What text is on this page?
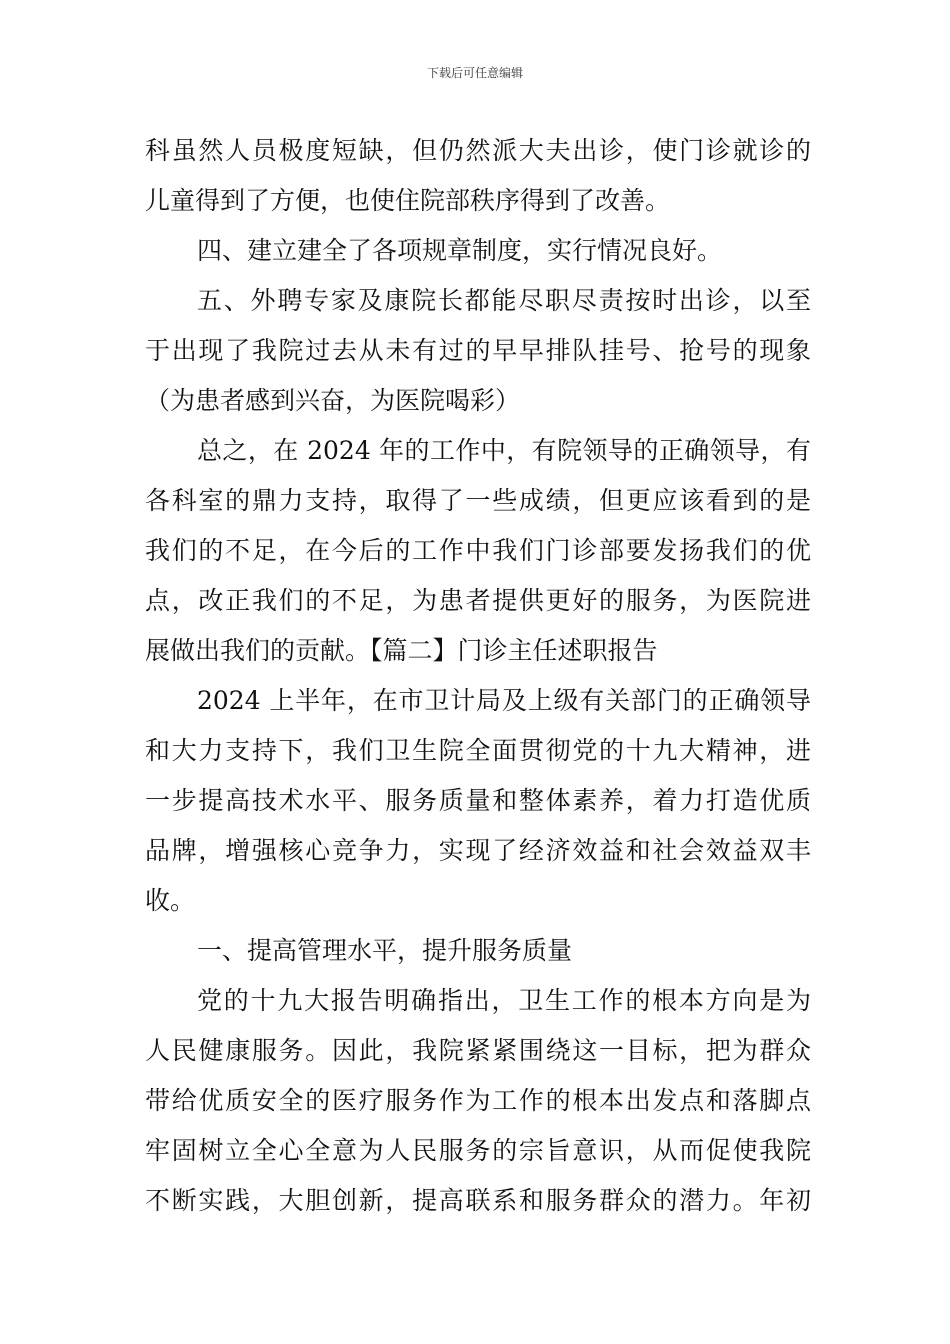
下载后可任意编辑
科虽然人员极度短缺，但仍然派大夫出诊，使门诊就诊的
儿童得到了方便，也使住院部秩序得到了改善。
四、建立建全了各项规章制度，实行情况良好。
五、外聘专家及康院长都能尽职尽责按时出诊，以至
于出现了我院过去从未有过的早早排队挂号、抢号的现象
（为患者感到兴奋，为医院喝彩）
总之，在 2024 年的工作中，有院领导的正确领导，有
各科室的鼎力支持，取得了一些成绩，但更应该看到的是
我们的不足，在今后的工作中我们门诊部要发扬我们的优
点，改正我们的不足，为患者提供更好的服务，为医院进
展做出我们的贡献。【篇二】门诊主任述职报告
2024 上半年，在市卫计局及上级有关部门的正确领导
和大力支持下，我们卫生院全面贯彻党的十九大精神，进
一步提高技术水平、服务质量和整体素养，着力打造优质
品牌，增强核心竞争力，实现了经济效益和社会效益双丰
收。
一、提高管理水平，提升服务质量
党的十九大报告明确指出，卫生工作的根本方向是为
人民健康服务。因此，我院紧紧围绕这一目标，把为群众
带给优质安全的医疗服务作为工作的根本出发点和落脚点
牢固树立全心全意为人民服务的宗旨意识，从而促使我院
不断实践，大胆创新，提高联系和服务群众的潜力。年初
